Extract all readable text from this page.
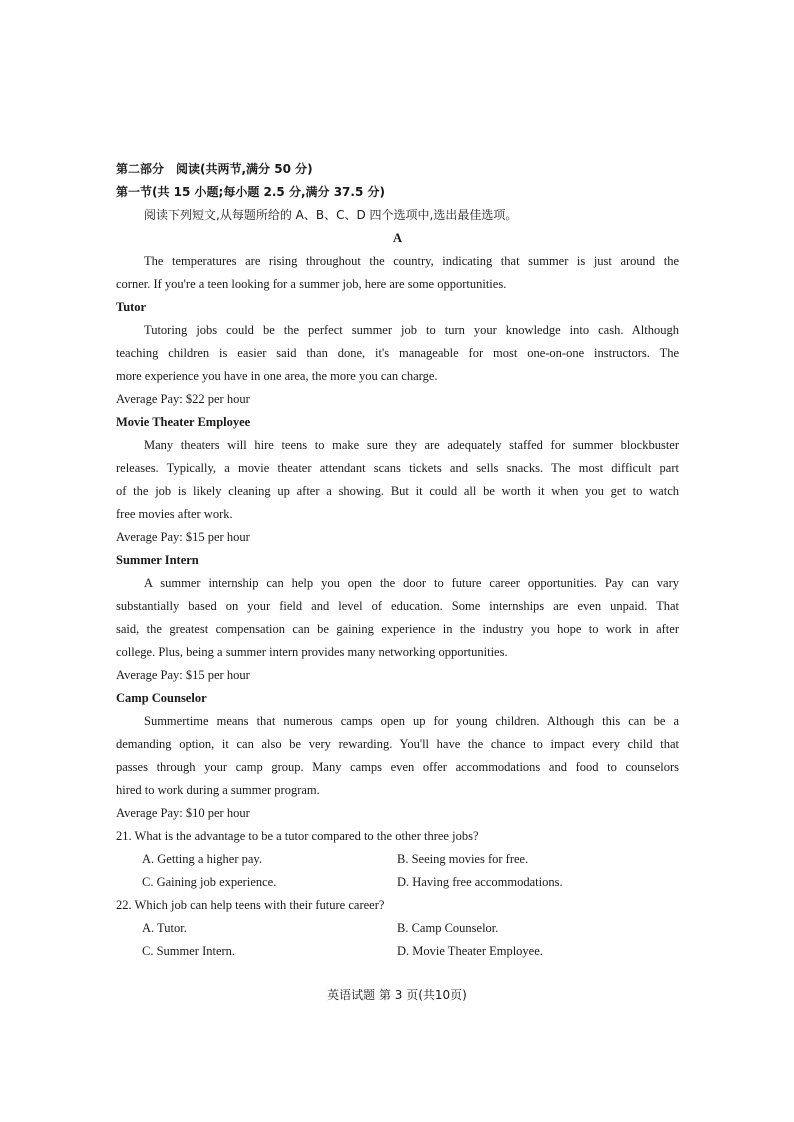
第二部分　阅读(共两节,满分 50 分)
第一节(共 15 小题;每小题 2.5 分,满分 37.5 分)
阅读下列短文,从每题所给的 A、B、C、D 四个选项中,选出最佳选项。
A
The temperatures are rising throughout the country, indicating that summer is just around the
corner. If you're a teen looking for a summer job, here are some opportunities.
Tutor
Tutoring jobs could be the perfect summer job to turn your knowledge into cash. Although
teaching children is easier said than done, it's manageable for most one-on-one instructors. The
more experience you have in one area, the more you can charge.
Average Pay: $22 per hour
Movie Theater Employee
Many theaters will hire teens to make sure they are adequately staffed for summer blockbuster
releases. Typically, a movie theater attendant scans tickets and sells snacks. The most difficult part
of the job is likely cleaning up after a showing. But it could all be worth it when you get to watch
free movies after work.
Average Pay: $15 per hour
Summer Intern
A summer internship can help you open the door to future career opportunities. Pay can vary
substantially based on your field and level of education. Some internships are even unpaid. That
said, the greatest compensation can be gaining experience in the industry you hope to work in after
college. Plus, being a summer intern provides many networking opportunities.
Average Pay: $15 per hour
Camp Counselor
Summertime means that numerous camps open up for young children. Although this can be a
demanding option, it can also be very rewarding. You'll have the chance to impact every child that
passes through your camp group. Many camps even offer accommodations and food to counselors
hired to work during a summer program.
Average Pay: $10 per hour
21. What is the advantage to be a tutor compared to the other three jobs?
A. Getting a higher pay.	B. Seeing movies for free.
C. Gaining job experience.	D. Having free accommodations.
22. Which job can help teens with their future career?
A. Tutor.	B. Camp Counselor.
C. Summer Intern.	D. Movie Theater Employee.
英语试题 第 3 页(共10页)
